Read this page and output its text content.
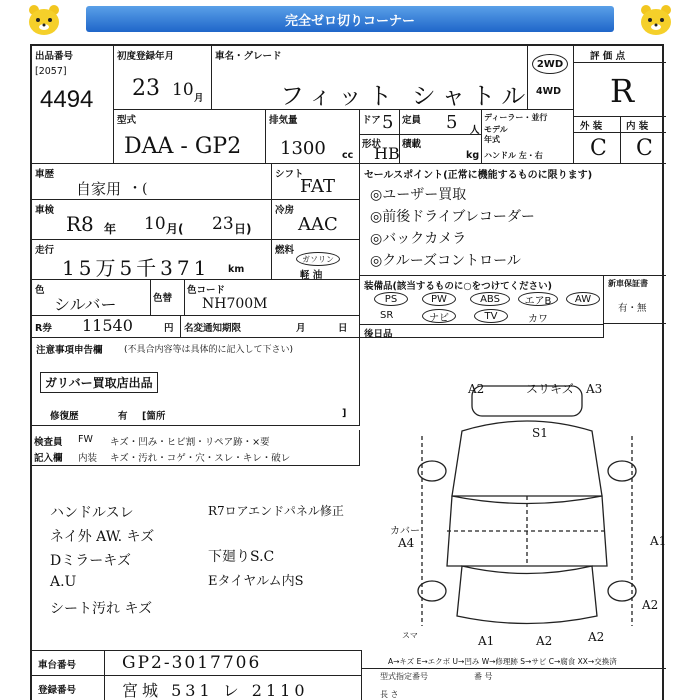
完全ゼロ切りコーナー
出品番号
[2057]
4494
初度登録年月
23 10 月
車名・グレード
フィット シャトル
2WD
4WD
評 価 点
R
外 装 内 装
C C
型式
DAA - GP2
排気量
1300 cc
ドア 5
形状
HB
定員 5 人
積載
kg
ディーラー・並行
モデル
年式
ハンドル 左・右
車歴
自家用 ・(
シフト
FAT
車検
R8 年 10 月( 23 日)
冷房
AAC
走行
15万5千371 km
燃料
ガソリン
軽 油
色
シルバー	色替
色コード
NH700M
R券 11540	円 名変通知期限	月	日
セールスポイント(正常に機能するものに限ります)
◎ユーザー買取
◎前後ドライブレコーダー
◎バックカメラ
◎クルーズコントロール
装備品(該当するものに○をつけてください)
PS	PW	ABS	エアB	AW
SR	ナビ	TV	カワ
後日品
新車保証書
有・無
注意事項申告欄 (不具合内容等は具体的に記入して下さい)
ガリバー買取店出品
修復歴	有 [箇所	]
検査員
記入欄
FW
内装
キズ・凹み・ヒビ割・リペア跡・×要
キズ・汚れ・コゲ・穴・スレ・キレ・破レ
ハンドルスレ
ネイ外 AW. キズ
Dミラーキズ
A.U
シート汚れ キズ
R7ロアエンドパネル修正
下廻りS.C
Eタイヤルム内S
A2	スリキズ A3
S1
カバー
A4	A1
A2
A1	A2	A2
スマ
A→キズ E→エクボ U→凹み W→修理跡 S→サビ C→腐食 XX→交換済
車台番号	GP2-3017706
登録番号	宮城 531 レ 2110
型式指定番号	番 号
長 さ
